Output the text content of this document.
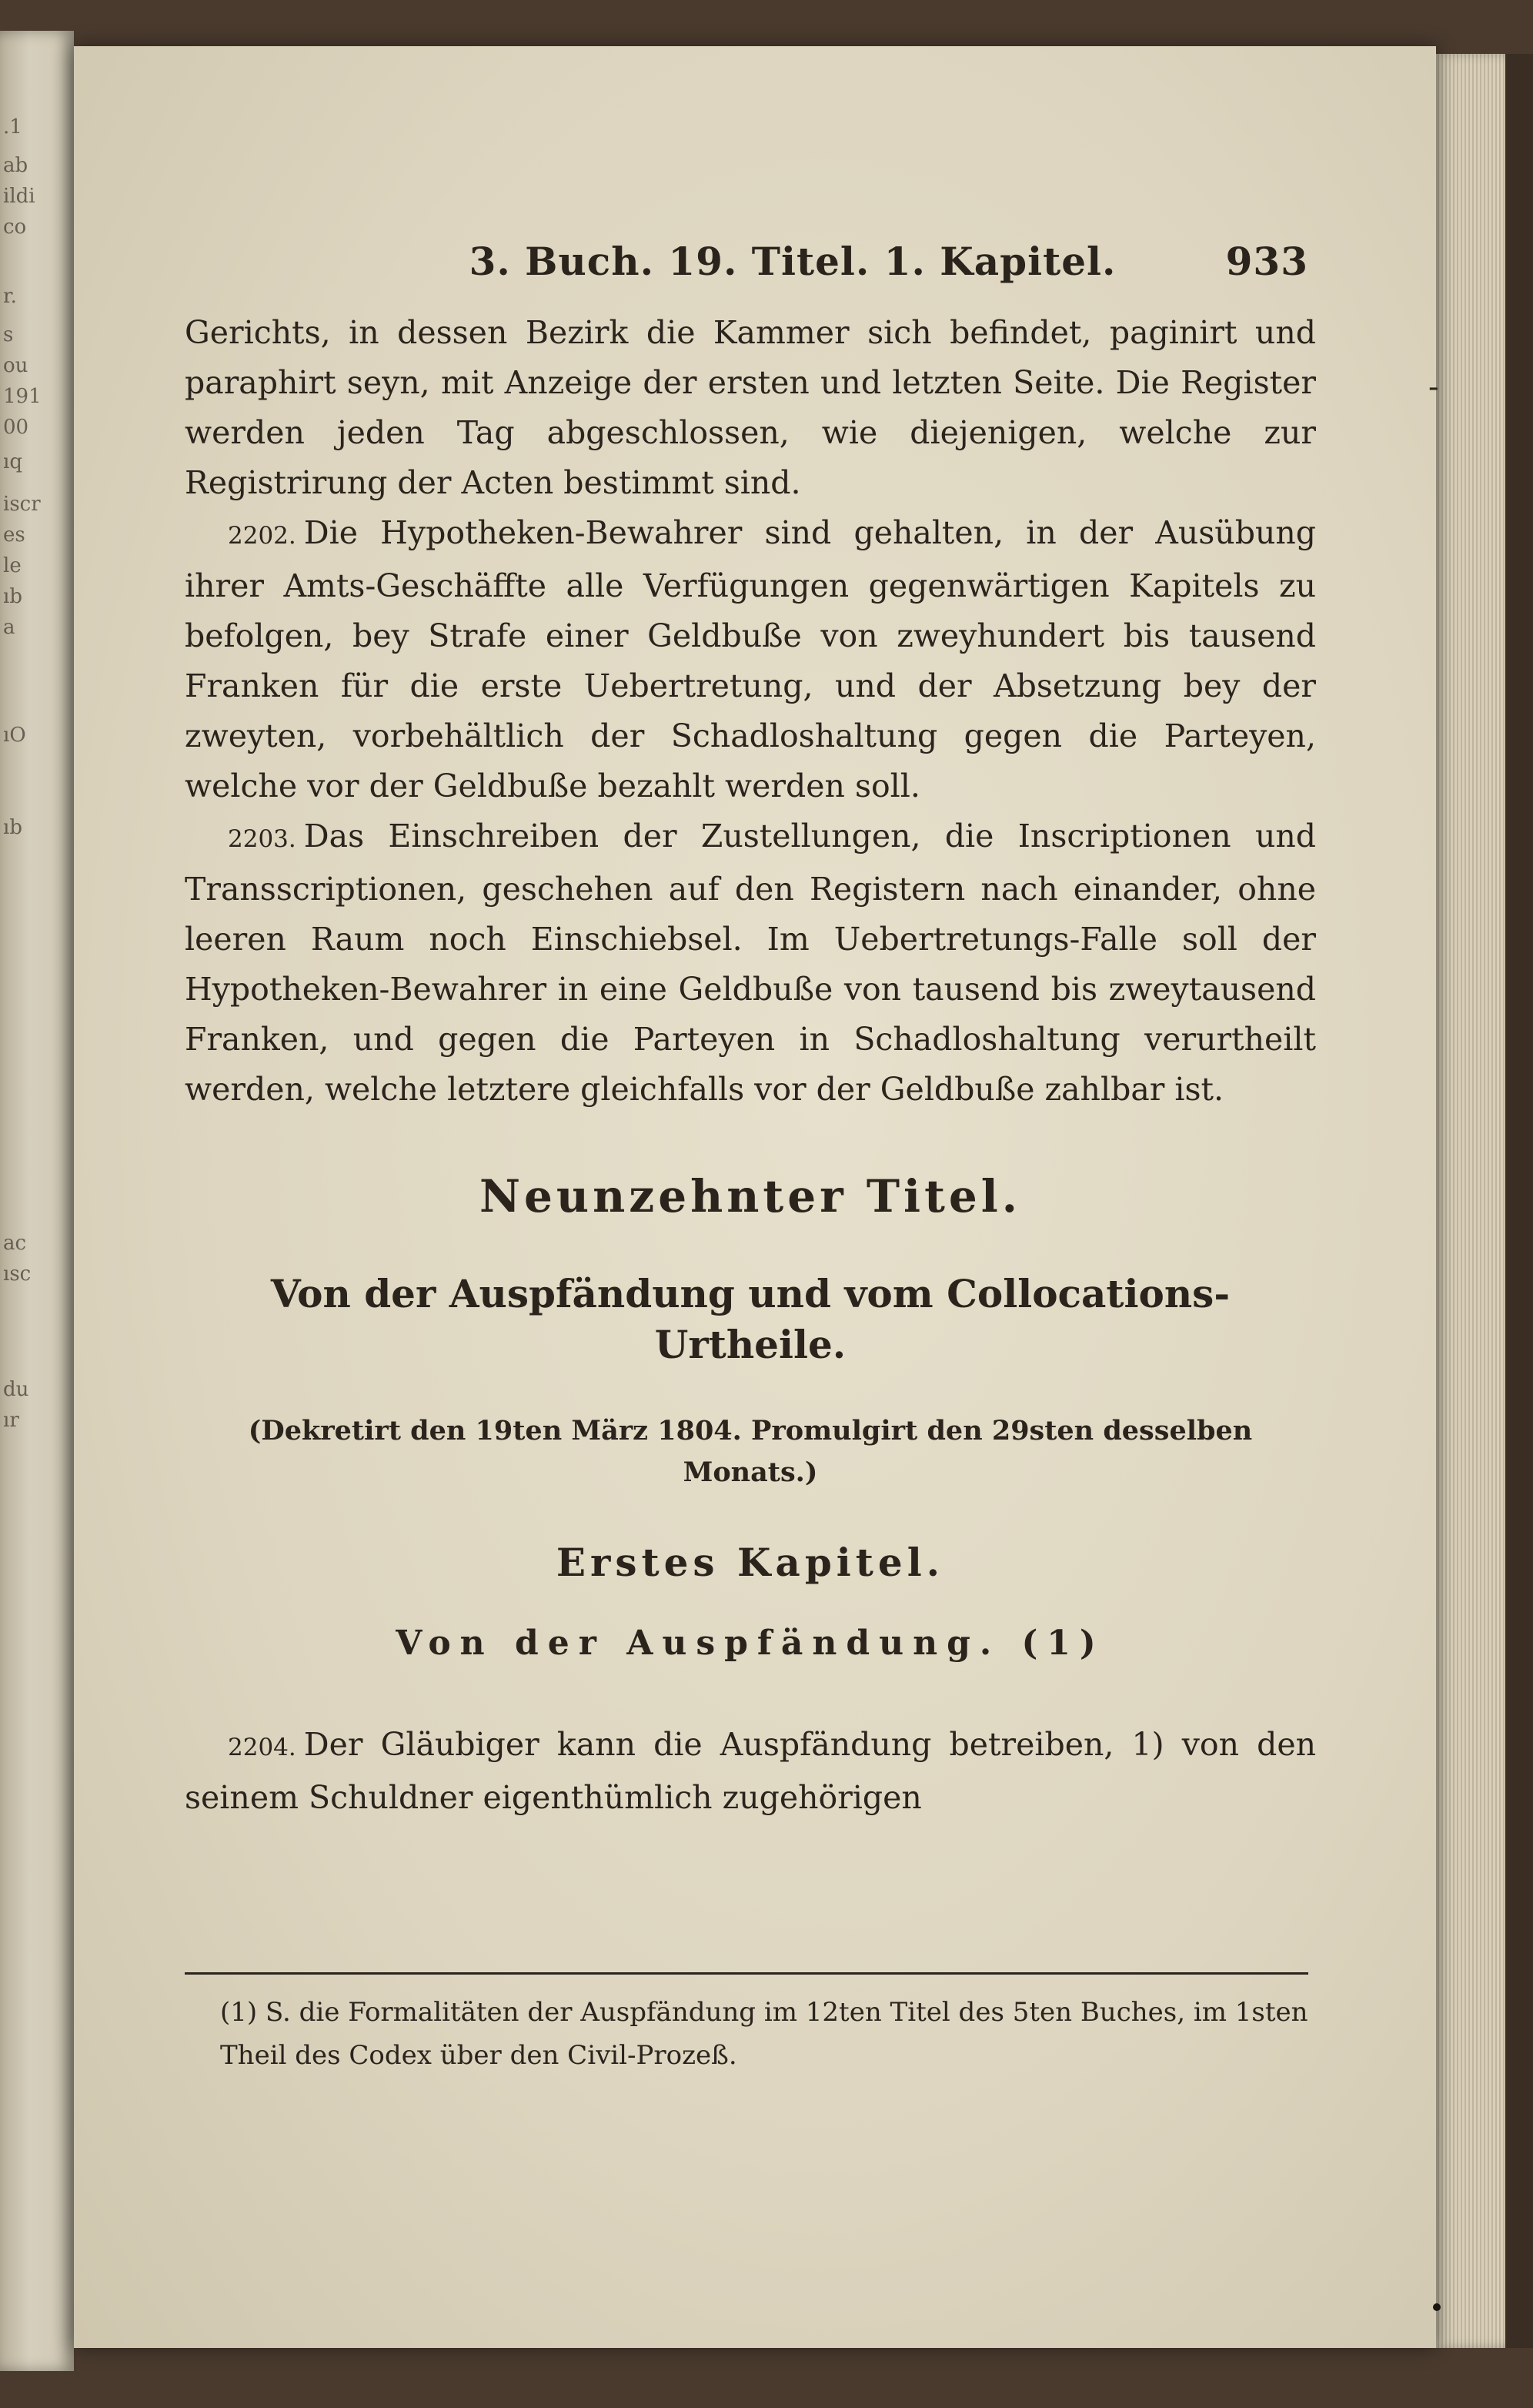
.1
ab
ildi
co
r.
s
ou
191
00
ıq
iscr
es
le
ıb
a
ıO
ıb
ac
ısc
du
ır
-
3. Buch. 19. Titel. 1. Kapitel.	933

Gerichts, in dessen Bezirk die Kammer sich befindet, paginirt und paraphirt seyn, mit Anzeige der ersten und letzten Seite. Die Register werden jeden Tag abgeschlossen, wie diejenigen, welche zur Registrirung der Acten bestimmt sind.

2202. Die Hypotheken-Bewahrer sind gehalten, in der Ausübung ihrer Amts-Geschäffte alle Verfügungen gegenwärtigen Kapitels zu befolgen, bey Strafe einer Geldbuße von zweyhundert bis tausend Franken für die erste Uebertretung, und der Absetzung bey der zweyten, vorbehältlich der Schadloshaltung gegen die Parteyen, welche vor der Geldbuße bezahlt werden soll.

2203. Das Einschreiben der Zustellungen, die Inscriptionen und Transscriptionen, geschehen auf den Registern nach einander, ohne leeren Raum noch Einschiebsel. Im Uebertretungs-Falle soll der Hypotheken-Bewahrer in eine Geldbuße von tausend bis zweytausend Franken, und gegen die Parteyen in Schadloshaltung verurtheilt werden, welche letztere gleichfalls vor der Geldbuße zahlbar ist.

Neunzehnter Titel.
Von der Auspfändung und vom Collocations-Urtheile.
(Dekretirt den 19ten März 1804. Promulgirt den 29sten desselben Monats.)
Erstes Kapitel.
Von der Auspfändung. (1)

2204. Der Gläubiger kann die Auspfändung betreiben, 1) von den seinem Schuldner eigenthümlich zugehörigen

(1) S. die Formalitäten der Auspfändung im 12ten Titel des 5ten Buches, im 1sten Theil des Codex über den Civil-Prozeß.
